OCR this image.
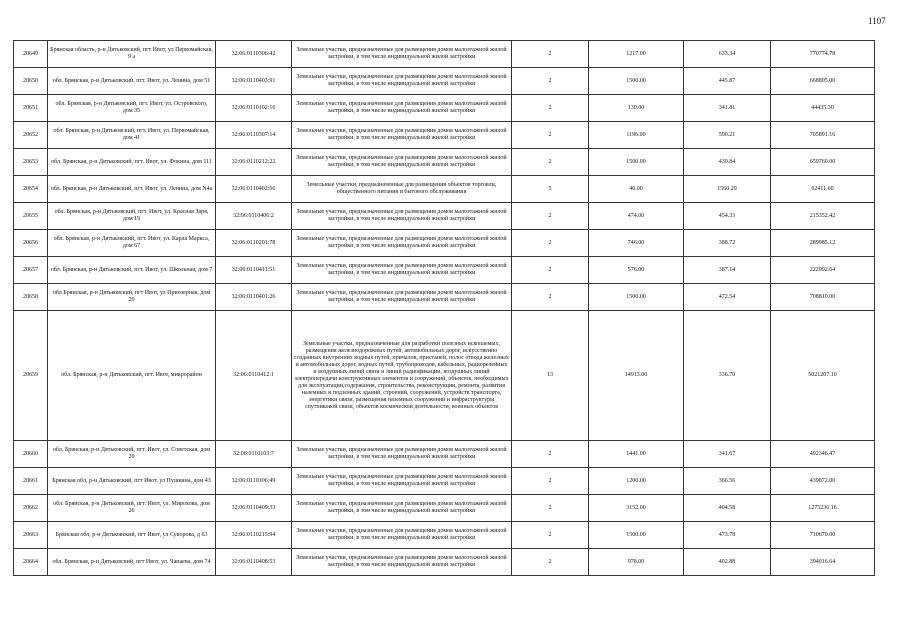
1107
20649	Брянская область, р-н Дятьковский, пгт Ивот, ул Первомайская, 9 а	32:06:0110306:42	Земельные участки, предназначенные для размещения домов малоэтажной жилой застройки, в том числе индивидуальной жилой застройки	2	1217.00	633.34	770774.78
20650	обл. Брянская, р-н Дятьковский, пгт. Ивот, ул. Ленина, дом 51	32:06:0110403:91	Земельные участки, предназначенные для размещения домов малоэтажной жилой застройки, в том числе индивидуальной жилой застройки	2	1500.00	445.87	668805.00
20651	обл. Брянская, р-н Дятьковский, пгт. Ивот, ул. Островского, дом 35	32:06:0110102:16	Земельные участки, предназначенные для размещения домов малоэтажной жилой застройки, в том числе индивидуальной жилой застройки	2	130.00	341.81	44435.30
20652	обл. Брянская, р-н Дятьковский, пгт. Ивот, ул. Первомайская, дом 41	32:06:0110307:14	Земельные участки, предназначенные для размещения домов малоэтажной жилой застройки, в том числе индивидуальной жилой застройки	2	1196.00	590.21	705891.16
20653	обл. Брянская, р-н Дятьковский, пгт. Ивот, ул. Фокина, дом 111	32:06:0110212:22	Земельные участки, предназначенные для размещения домов малоэтажной жилой застройки, в том числе индивидуальной жилой застройки	2	1500.00	439.84	659760.00
20654	обл. Брянская, р-н Дятьковский, пгт. Ивот, ул. Ленина, дом N4а	32:06:0110402:66	Земельные участки, предназначенные для размещения объектов торговли, общественного питания и бытового обслуживания	5	40.00	1560.29	62411.60
20655	обл. Брянская, р-н Дятьковский, пгт. Ивот, ул. Красная Заря, дом 19	32:06:0110406:2	Земельные участки, предназначенные для размещения домов малоэтажной жилой застройки, в том числе индивидуальной жилой застройки	2	474.00	454.33	215352.42
20656	обл. Брянская, р-н Дятьковский, пгт. Ивот, ул. Карла Маркса, дом 67	32:06:0110201:78	Земельные участки, предназначенные для размещения домов малоэтажной жилой застройки, в том числе индивидуальной жилой застройки	2	746.00	388.72	289985.12
20657	обл. Брянская, р-н Дятьковский, пгт. Ивот, ул. Школьная, дом 7	32:06:0110411:51	Земельные участки, предназначенные для размещения домов малоэтажной жилой застройки, в том числе индивидуальной жилой застройки	2	576.00	387.14	222992.64
20658	обл Брянская, р-н Дятьковский, пгт Ивот, ул Приозерная, дом 20	32:06:0110401:26	Земельные участки, предназначенные для размещения домов малоэтажной жилой застройки, в том числе индивидуальной жилой застройки	2	1500.00	472.54	708810.00
20659	обл. Брянская, р-н Дятьковский, пгт. Ивот, микрорайон	32:06:0110412:1	Земельные участки, предназначенные для разработки полезных ископаемых, размещения железнодорожных путей, автомобильных дорог, искусственно созданных внутренних водных путей, причалов, пристаней, полос отвода железных и автомобильных дорог, водных путей, трубопроводов, кабельных, радиорелейных и воздушных линий связи и линий радиофикации, воздушных линий электропередачи конструктивных элементов и сооружений, объектов, необходимых для эксплуатации,содержания, строительства, реконструкции, ремонта, развития наземных и подземных зданий, строений, сооружений, устройств транспорта, энергетики связи, размещения наземных сооружений и инфраструктуры спутниковой связи, объектов космической деятельности, военных объектов	13	14913.00	336.70	5021207.10
20660	обл. Брянская, р-н Дятьковский, пгт. Ивот, ул. Советская, дом 20	32:06:0110103:7	Земельные участки, предназначенные для размещения домов малоэтажной жилой застройки, в том числе индивидуальной жилой застройки	2	1441.00	341.67	492346.47
20661	Брянская обл, р-н Дятьковский, пгт Ивот, ул Пушкина, дом 43	32:06:0110106:49	Земельные участки, предназначенные для размещения домов малоэтажной жилой застройки, в том числе индивидуальной жилой застройки	2	1200.00	366.56	439872.00
20662	обл. Брянская, р-н Дятьковский, пгт. Ивот, ул. Мирохова, дом 26	32:06:0110409:33	Земельные участки, предназначенные для размещения домов малоэтажной жилой застройки, в том числе индивидуальной жилой застройки	2	3152.00	404.58	1275236.16
20663	Брянская обл, р-н Дятьковский, пгт Ивот, ул Суворова, д 63	32:06:0110215:94	Земельные участки, предназначенные для размещения домов малоэтажной жилой застройки, в том числе индивидуальной жилой застройки	2	1500.00	473.78	710670.00
20664	обл. Брянская, р-н Дятьковский, пгт Ивот, ул. Чапаева, дом 74	32:06:0110408:53	Земельные участки, предназначенные для размещения домов малоэтажной жилой застройки, в том числе индивидуальной жилой застройки	2	978.00	402.88	394016.64
